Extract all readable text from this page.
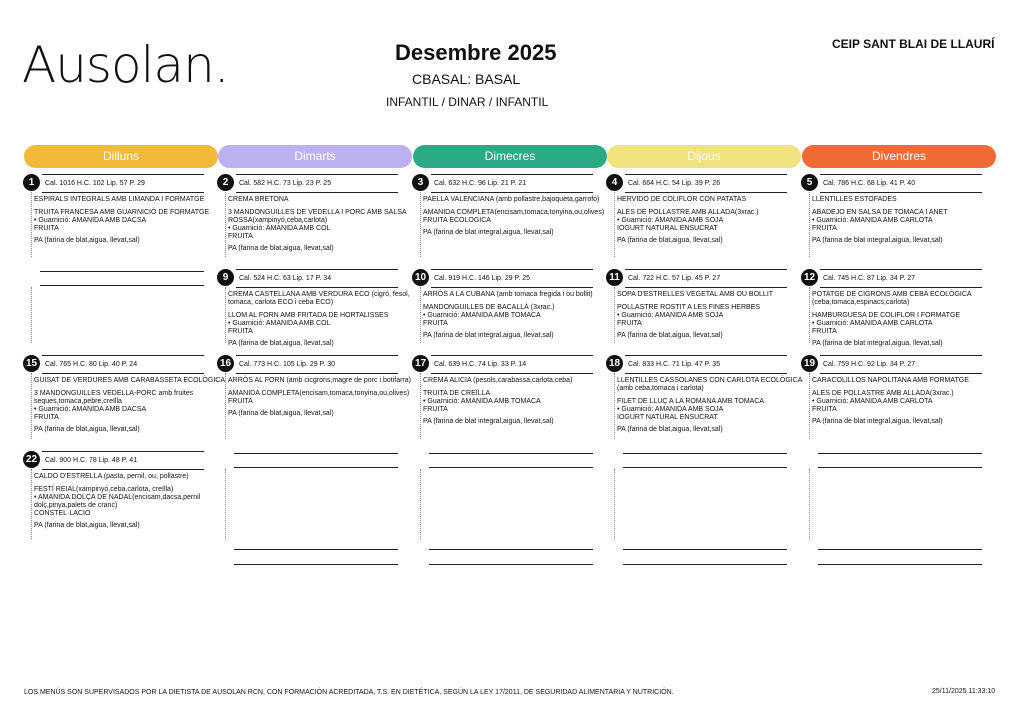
Ausolan.	Desembre 2025
CBASAL: BASAL
INFANTIL / DINAR / INFANTIL
CEIP SANT BLAI DE LLAURÍ
Dilluns	Dimarts	Dimecres	Dijous	Divendres
1	Cal. 1016 H.C. 102 Lip. 57 P. 29
ESPIRALS INTEGRALS AMB LIMANDA I FORMATGE
TRUITA FRANCESA AMB GUARNICIÓ DE FORMATGE
• Guarnició: AMANIDA AMB DACSA
FRUITA
PA (farina de blat,aigua, llevat,sal)
2	Cal. 582 H.C. 73 Lip. 23 P. 25
CREMA BRETONA
3 MANDONGUILLES DE VEDELLA I PORC AMB SALSA ROSSA(xampinyó,ceba,carlota)
• Guarnició: AMANIDA AMB COL
FRUITA
PA (farina de blat,aigua, llevat,sal)
3	Cal. 632 H.C. 96 Lip. 21 P. 21
PAELLA VALENCIANA (amb pollastre,bajoqueta,garrofó)
AMANIDA COMPLETA(encisam,tomaca,tonyina,ou,olives)
FRUITA ECOLOGICA
PA (farina de blat integral,aigua, llevat,sal)
4	Cal. 664 H.C. 54 Lip. 39 P. 26
HERVIDO DE COLIFLOR CON PATATAS
ALES DE POLLASTRE AMB ALLADA(3xrac.)
• Guarnició: AMANIDA AMB SOJA
IOGURT NATURAL ENSUCRAT
PA (farina de blat,aigua, llevat,sal)
5	Cal. 786 H.C. 68 Lip. 41 P. 40
LLENTILLES ESTOFADES
ABADEJO EN SALSA DE TOMACA I ANET
• Guarnició: AMANIDA AMB CARLOTA
FRUITA
PA (farina de blat integral,aigua, llevat,sal)
9	Cal. 524 H.C. 63 Lip. 17 P. 34
CREMA CASTELLANA AMB VERDURA ECO (cigró, fesol, tomaca, carlota ECO i ceba ECO)
LLOM AL FORN AMB FRITADA DE HORTALISSES
• Guarnició: AMANIDA AMB COL
FRUITA
PA (farina de blat,aigua, llevat,sal)
10	Cal. 919 H.C. 146 Lip. 29 P. 25
ARRÒS A LA CUBANA (amb tomaca fregida i ou bollit)
MANDONGUILLES DE BACALLÀ (3xrac.)
• Guarnició: AMANIDA AMB TOMACA
FRUITA
PA (farina de blat integral,aigua, llevat,sal)
11	Cal. 722 H.C. 57 Lip. 45 P. 27
SOPA D'ESTRELLES VEGETAL AMB OU BOLLIT
POLLASTRE ROSTIT A LES FINES HERBES
• Guarnició: AMANIDA AMB SOJA
FRUITA
PA (farina de blat,aigua, llevat,sal)
12	Cal. 745 H.C. 87 Lip. 34 P. 27
POTATGE DE CIGRONS AMB CEBA ECOLÒGICA (ceba,tomaca,espinacs,carlota)
HAMBURGUESA DE COLIFLOR I FORMATGE
• Guarnició: AMANIDA AMB CARLOTA
FRUITA
PA (farina de blat integral,aigua, llevat,sal)
15	Cal. 765 H.C. 80 Lip. 40 P. 24
GUISAT DE VERDURES AMB CARABASSETA ECOLÒGICA
3 MANDONGUILLES VEDELLA-PORC amb fruites seques,tomaca,pebre,creïlla
• Guarnició: AMANIDA AMB DACSA
FRUITA
PA (farina de blat,aigua, llevat,sal)
16	Cal. 773 H.C. 105 Lip. 29 P. 30
ARRÒS AL FORN (amb cicgrons,magre de porc i botifarra)
AMANIDA COMPLETA(encisam,tomaca,tonyina,ou,olives)
FRUITA
PA (farina de blat,aigua, llevat,sal)
17	Cal. 639 H.C. 74 Lip. 33 P. 14
CREMA ALICIA (pesols,carabassa,carlota,ceba)
TRUITA DE CREÏLLA
• Guarnició: AMANIDA AMB TOMACA
FRUITA
PA (farina de blat integral,aigua, llevat,sal)
18	Cal. 833 H.C. 71 Lip. 47 P. 35
LLENTILLES CASSOLANES CON CARLOTA ECOLÒGICA (amb ceba,tomaca i carlota)
FILET DE LLUÇ A LA ROMANA AMB TOMACA
• Guarnició: AMANIDA AMB SOJA
IOGURT NATURAL ENSUCRAT
PA (farina de blat,aigua, llevat,sal)
19	Cal. 759 H.C. 92 Lip. 34 P. 27
CARACOLILLOS NAPOLITANA AMB FORMATGE
ALES DE POLLASTRE AMB ALLADA(3xrac.)
• Guarnició: AMANIDA AMB CARLOTA
FRUITA
PA (farina de blat integral,aigua, llevat,sal)
22	Cal. 900 H.C. 78 Lip. 48 P. 41
CALDO D'ESTRELLA (pasta, pernil, ou, pollastre)
FESTÍ REIAL(xampinyó,ceba,carlota, creïlla)
• AMANIDA DOLÇA DE NADAL(encisam,dacsa,pernil dolç,pinya,palets de cranc)
CONSTEL·LACIÓ
PA (farina de blat,aigua, llevat,sal)
LOS MENÚS SON SUPERVISADOS POR LA DIETISTA DE AUSOLAN RCN, CON FORMACIÓN ACREDITADA, T.S. EN DIETÉTICA, SEGÚN LA LEY 17/2011, DE SEGURIDAD ALIMENTARIA Y NUTRICIÓN.	25/11/2025 11:33:10
